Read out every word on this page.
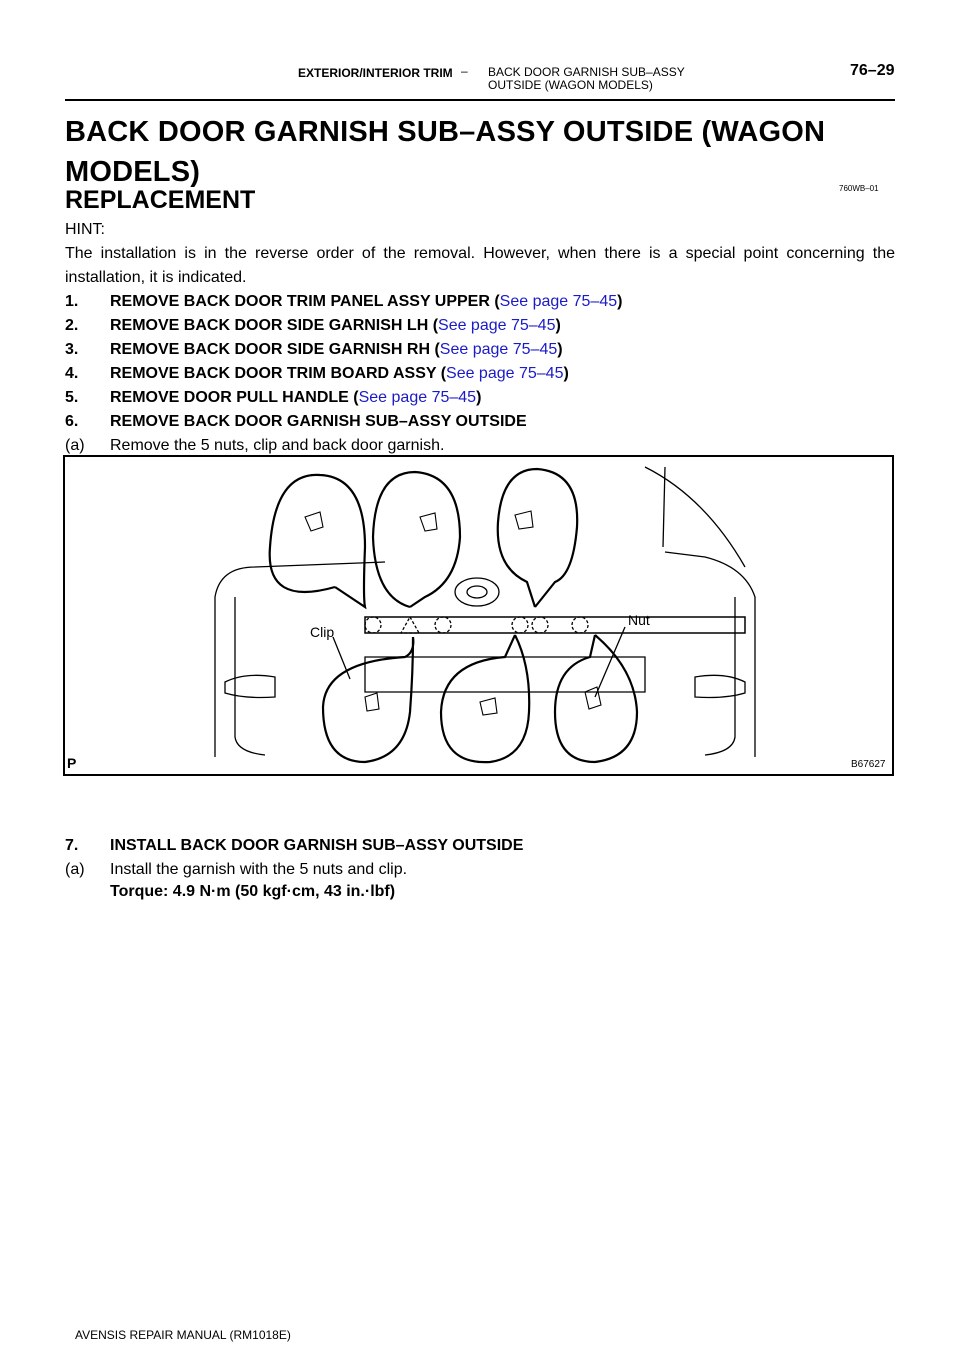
EXTERIOR/INTERIOR TRIM – BACK DOOR GARNISH SUB–ASSY
OUTSIDE (WAGON MODELS)
76–29
BACK DOOR GARNISH SUB–ASSY OUTSIDE (WAGON MODELS)
760WB–01
REPLACEMENT
HINT:
The installation is in the reverse order of the removal. However, when there is a special point concerning the installation, it is indicated.
1. REMOVE BACK DOOR TRIM PANEL ASSY UPPER (See page 75–45)
2. REMOVE BACK DOOR SIDE GARNISH LH (See page 75–45)
3. REMOVE BACK DOOR SIDE GARNISH RH (See page 75–45)
4. REMOVE BACK DOOR TRIM BOARD ASSY (See page 75–45)
5. REMOVE DOOR PULL HANDLE (See page 75–45)
6. REMOVE BACK DOOR GARNISH SUB–ASSY OUTSIDE
(a) Remove the 5 nuts, clip and back door garnish.
Clip
Nut
P	B67627
7. INSTALL BACK DOOR GARNISH SUB–ASSY OUTSIDE
(a) Install the garnish with the 5 nuts and clip.
Torque: 4.9 N·m (50 kgf·cm, 43 in.·lbf)
AVENSIS REPAIR MANUAL (RM1018E)
